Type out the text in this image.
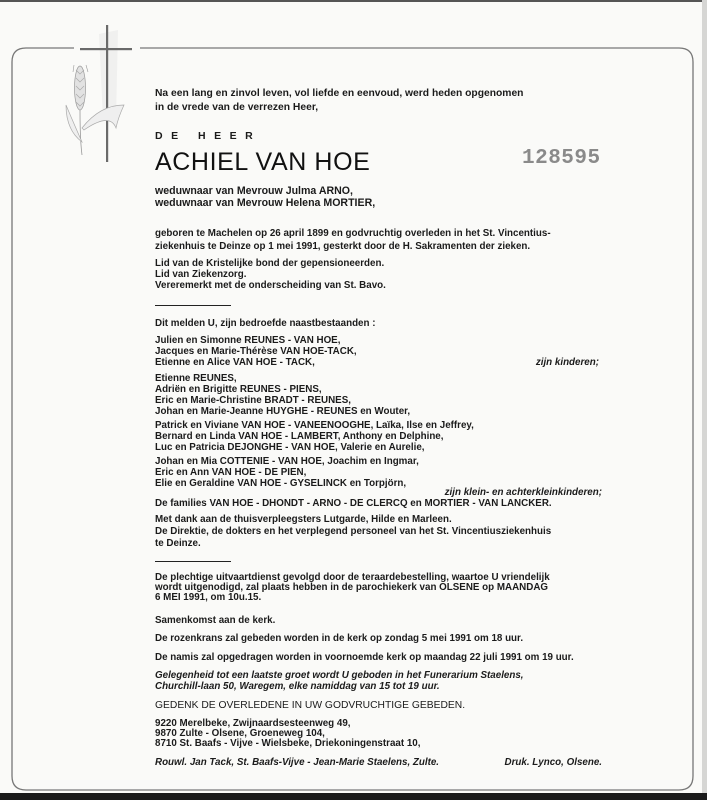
Na een lang en zinvol leven, vol liefde en eenvoud, werd heden opgenomen
in de vrede van de verrezen Heer,
DE HEER
ACHIEL VAN HOE	128595
weduwnaar van Mevrouw Julma ARNO,
weduwnaar van Mevrouw Helena MORTIER,
geboren te Machelen op 26 april 1899 en godvruchtig overleden in het St. Vincentius-
ziekenhuis te Deinze op 1 mei 1991, gesterkt door de H. Sakramenten der zieken.
Lid van de Kristelijke bond der gepensioneerden.
Lid van Ziekenzorg.
Vereremerkt met de onderscheiding van St. Bavo.
Dit melden U, zijn bedroefde naastbestaanden :
Julien en Simonne REUNES - VAN HOE,
Jacques en Marie-Thérèse VAN HOE-TACK,
Etienne en Alice VAN HOE - TACK,	zijn kinderen;
Etienne REUNES,
Adriën en Brigitte REUNES - PIENS,
Eric en Marie-Christine BRADT - REUNES,
Johan en Marie-Jeanne HUYGHE - REUNES en Wouter,
Patrick en Viviane VAN HOE - VANEENOOGHE, Laïka, Ilse en Jeffrey,
Bernard en Linda VAN HOE - LAMBERT, Anthony en Delphine,
Luc en Patricia DEJONGHE - VAN HOE, Valerie en Aurelie,
Johan en Mia COTTENIE - VAN HOE, Joachim en Ingmar,
Eric en Ann VAN HOE - DE PIEN,
Elie en Geraldine VAN HOE - GYSELINCK en Torpjörn,
zijn klein- en achterkleinkinderen;
De families VAN HOE - DHONDT - ARNO - DE CLERCQ en MORTIER - VAN LANCKER.
Met dank aan de thuisverpleegsters Lutgarde, Hilde en Marleen.
De Direktie, de dokters en het verplegend personeel van het St. Vincentiusziekenhuis
te Deinze.
De plechtige uitvaartdienst gevolgd door de teraardebestelling, waartoe U vriendelijk
wordt uitgenodigd, zal plaats hebben in de parochiekerk van OLSENE op MAANDAG
6 MEI 1991, om 10u.15.
Samenkomst aan de kerk.
De rozenkrans zal gebeden worden in de kerk op zondag 5 mei 1991 om 18 uur.
De namis zal opgedragen worden in voornoemde kerk op maandag 22 juli 1991 om 19 uur.
Gelegenheid tot een laatste groet wordt U geboden in het Funerarium Staelens,
Churchill-laan 50, Waregem, elke namiddag van 15 tot 19 uur.
GEDENK DE OVERLEDENE IN UW GODVRUCHTIGE GEBEDEN.
9220 Merelbeke, Zwijnaardsesteenweg 49,
9870 Zulte - Olsene, Groeneweg 104,
8710 St. Baafs - Vijve - Wielsbeke, Driekoningenstraat 10,
Rouwl. Jan Tack, St. Baafs-Vijve - Jean-Marie Staelens, Zulte.	Druk. Lynco, Olsene.
